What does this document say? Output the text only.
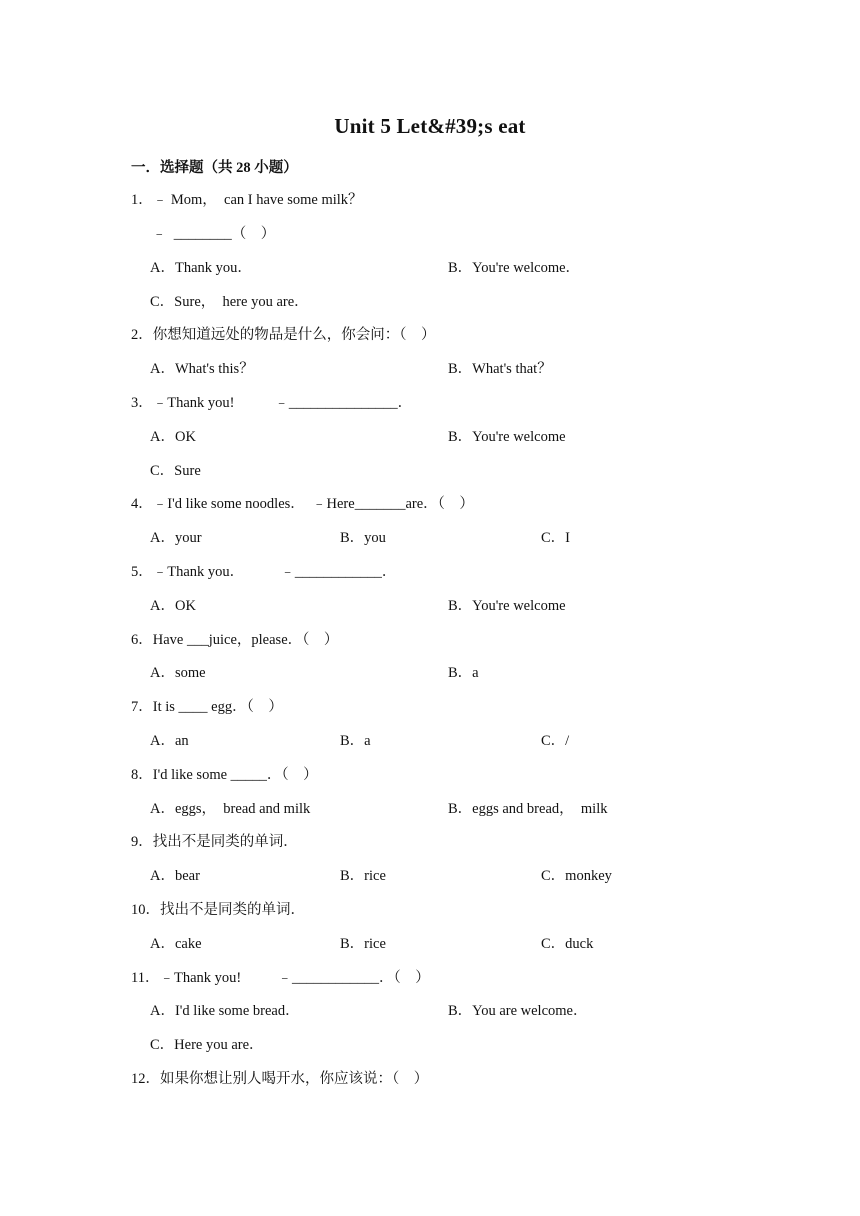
Unit 5 Let&#39;s eat
一．选择题（共 28 小题）
1．﹣ Mom，  can I have some milk？
﹣  ________（    ）
A．Thank you．	B．You're welcome．
C．Sure，  here you are．
2．你想知道远处的物品是什么，你会问：（    ）
A．What's this？	B．What's that？
3．﹣Thank you!           ﹣_______________．
A．OK	B．You're welcome
C．Sure
4．﹣I'd like some noodles．  ﹣Here_______are．（    ）
A．your	B．you	C．I
5．﹣Thank you．          ﹣____________．
A．OK	B．You're welcome
6．Have ___juice，please．（    ）
A．some	B．a
7．It is ____ egg．（    ）
A．an	B．a	C．/
8．I'd like some _____．（    ）
A．eggs，  bread and milk	B．eggs and bread，  milk
9．找出不是同类的单词．
A．bear	B．rice	C．monkey
10．找出不是同类的单词．
A．cake	B．rice	C．duck
11．﹣Thank you!          ﹣____________．（    ）
A．I'd like some bread．	B．You are welcome．
C．Here you are．
12．如果你想让别人喝开水，你应该说：（    ）
